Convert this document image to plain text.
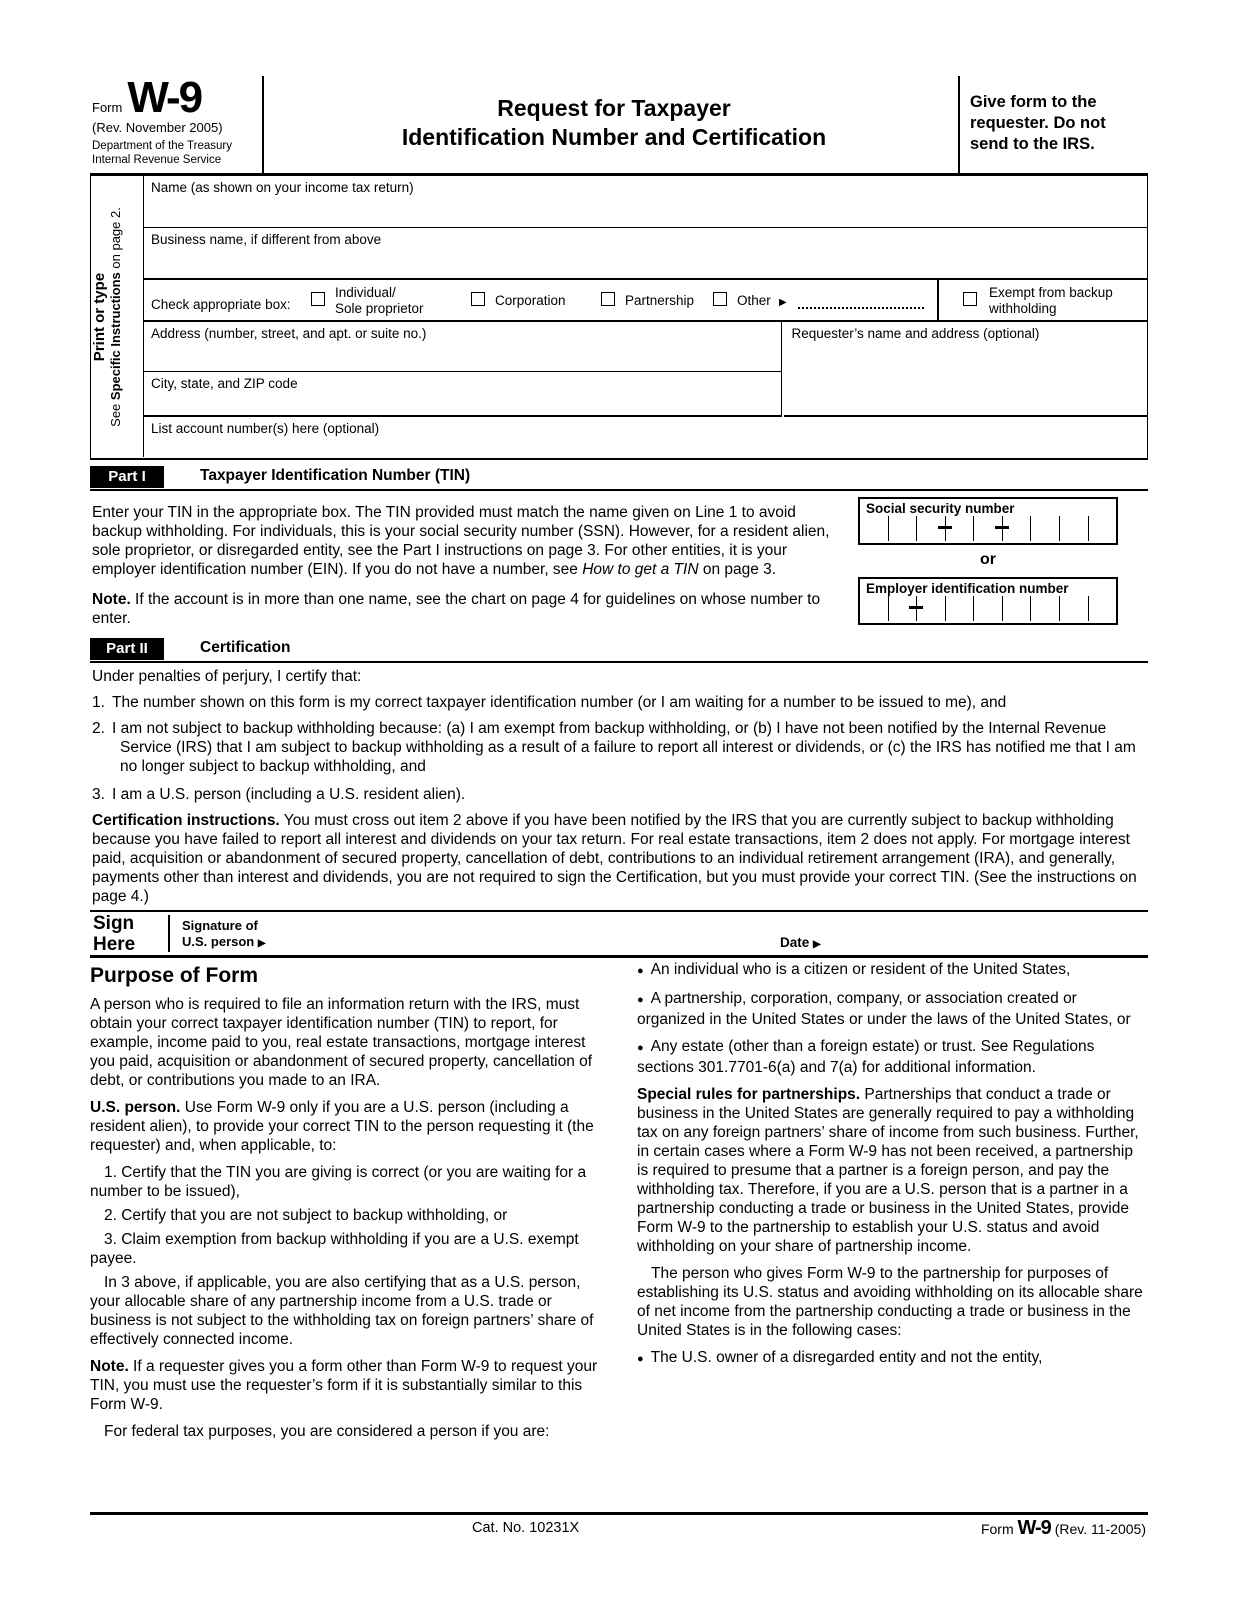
Form W-9
(Rev. November 2005)
Department of the Treasury
Internal Revenue Service
Request for Taxpayer
Identification Number and Certification
Give form to the requester. Do not send to the IRS.
Print or type
See Specific Instructions on page 2.
Name (as shown on your income tax return)
Business name, if different from above
Check appropriate box:
Individual/
Sole proprietor	Corporation	Partnership	Other ▶
Exempt from backup withholding
Address (number, street, and apt. or suite no.)	Requester’s name and address (optional)
City, state, and ZIP code
List account number(s) here (optional)
Part I	Taxpayer Identification Number (TIN)
Enter your TIN in the appropriate box. The TIN provided must match the name given on Line 1 to avoid backup withholding. For individuals, this is your social security number (SSN). However, for a resident alien, sole proprietor, or disregarded entity, see the Part I instructions on page 3. For other entities, it is your employer identification number (EIN). If you do not have a number, see How to get a TIN on page 3.
Note. If the account is in more than one name, see the chart on page 4 for guidelines on whose number to enter.
Social security number
or
Employer identification number
Part II	Certification
Under penalties of perjury, I certify that:
1. The number shown on this form is my correct taxpayer identification number (or I am waiting for a number to be issued to me), and
2. I am not subject to backup withholding because: (a) I am exempt from backup withholding, or (b) I have not been notified by the Internal Revenue Service (IRS) that I am subject to backup withholding as a result of a failure to report all interest or dividends, or (c) the IRS has notified me that I am no longer subject to backup withholding, and
3. I am a U.S. person (including a U.S. resident alien).
Certification instructions. You must cross out item 2 above if you have been notified by the IRS that you are currently subject to backup withholding because you have failed to report all interest and dividends on your tax return. For real estate transactions, item 2 does not apply. For mortgage interest paid, acquisition or abandonment of secured property, cancellation of debt, contributions to an individual retirement arrangement (IRA), and generally, payments other than interest and dividends, you are not required to sign the Certification, but you must provide your correct TIN. (See the instructions on page 4.)
Sign
Here
Signature of
U.S. person ▶	Date ▶
Purpose of Form

A person who is required to file an information return with the IRS, must obtain your correct taxpayer identification number (TIN) to report, for example, income paid to you, real estate transactions, mortgage interest you paid, acquisition or abandonment of secured property, cancellation of debt, or contributions you made to an IRA.

U.S. person. Use Form W-9 only if you are a U.S. person (including a resident alien), to provide your correct TIN to the person requesting it (the requester) and, when applicable, to:

1. Certify that the TIN you are giving is correct (or you are waiting for a number to be issued),

2. Certify that you are not subject to backup withholding, or

3. Claim exemption from backup withholding if you are a U.S. exempt payee.

In 3 above, if applicable, you are also certifying that as a U.S. person, your allocable share of any partnership income from a U.S. trade or business is not subject to the withholding tax on foreign partners’ share of effectively connected income.

Note. If a requester gives you a form other than Form W-9 to request your TIN, you must use the requester’s form if it is substantially similar to this Form W-9.

For federal tax purposes, you are considered a person if you are:

● An individual who is a citizen or resident of the United States,

● A partnership, corporation, company, or association created or organized in the United States or under the laws of the United States, or

● Any estate (other than a foreign estate) or trust. See Regulations sections 301.7701-6(a) and 7(a) for additional information.

Special rules for partnerships. Partnerships that conduct a trade or business in the United States are generally required to pay a withholding tax on any foreign partners’ share of income from such business. Further, in certain cases where a Form W-9 has not been received, a partnership is required to presume that a partner is a foreign person, and pay the withholding tax. Therefore, if you are a U.S. person that is a partner in a partnership conducting a trade or business in the United States, provide Form W-9 to the partnership to establish your U.S. status and avoid withholding on your share of partnership income.

The person who gives Form W-9 to the partnership for purposes of establishing its U.S. status and avoiding withholding on its allocable share of net income from the partnership conducting a trade or business in the United States is in the following cases:

● The U.S. owner of a disregarded entity and not the entity,

Cat. No. 10231X	Form W-9 (Rev. 11-2005)
